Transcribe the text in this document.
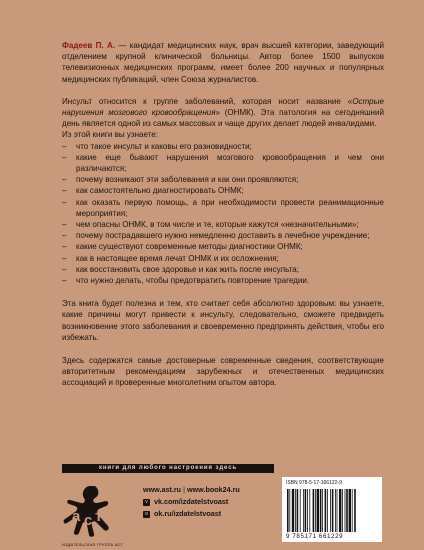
Фадеев П. А. — кандидат медицинских наук, врач высшей категории, заведующий отделением крупной клинической больницы. Автор более 1500 выпусков телевизионных медицинских программ, имеет более 200 научных и популярных медицинских публикаций, член Союза журналистов.

Инсульт относится к группе заболеваний, которая носит название «Острые нарушения мозгового кровообращения» (ОНМК). Эта патология на сегодняшний день является одной из самых массовых и чаще других делает людей инвалидами.

Из этой книги вы узнаете:

– что такое инсульт и каковы его разновидности;
– какие еще бывают нарушения мозгового кровообращения и чем они различаются;
– почему возникают эти заболевания и как они проявляются;
– как самостоятельно диагностировать ОНМК;
– как оказать первую помощь, а при необходимости провести реанимационные мероприятия;
– чем опасны ОНМК, в том числе и те, которые кажутся «незначительными»;
– почему пострадавшего нужно немедленно доставить в лечебное учреждение;
– какие существуют современные методы диагностики ОНМК;
– как в настоящее время лечат ОНМК и их осложнения;
– как восстановить свое здоровье и как жить после инсульта;
– что нужно делать, чтобы предотвратить повторение трагедии.

Эта книга будет полезна и тем, кто считает себя абсолютно здоровым: вы узнаете, какие причины могут привести к инсульту, следовательно, сможете предвидеть возникновение этого заболевания и своевременно предпринять действия, чтобы его избежать.

Здесь содержатся самые достоверные современные сведения, соответствующие авторитетным рекомендациям зарубежных и отечественных медицинских ассоциаций и проверенные многолетним опытом автора.

книги для любого настроения здесь
a c т
ИЗДАТЕЛЬСКАЯ ГРУППА АСТ
www.ast.ru | www.book24.ru
v vk.com/izdatelstvoast
o ok.ru/izdatelstvoast
ISBN 978-5-17-166122-9
9 785171 661229
